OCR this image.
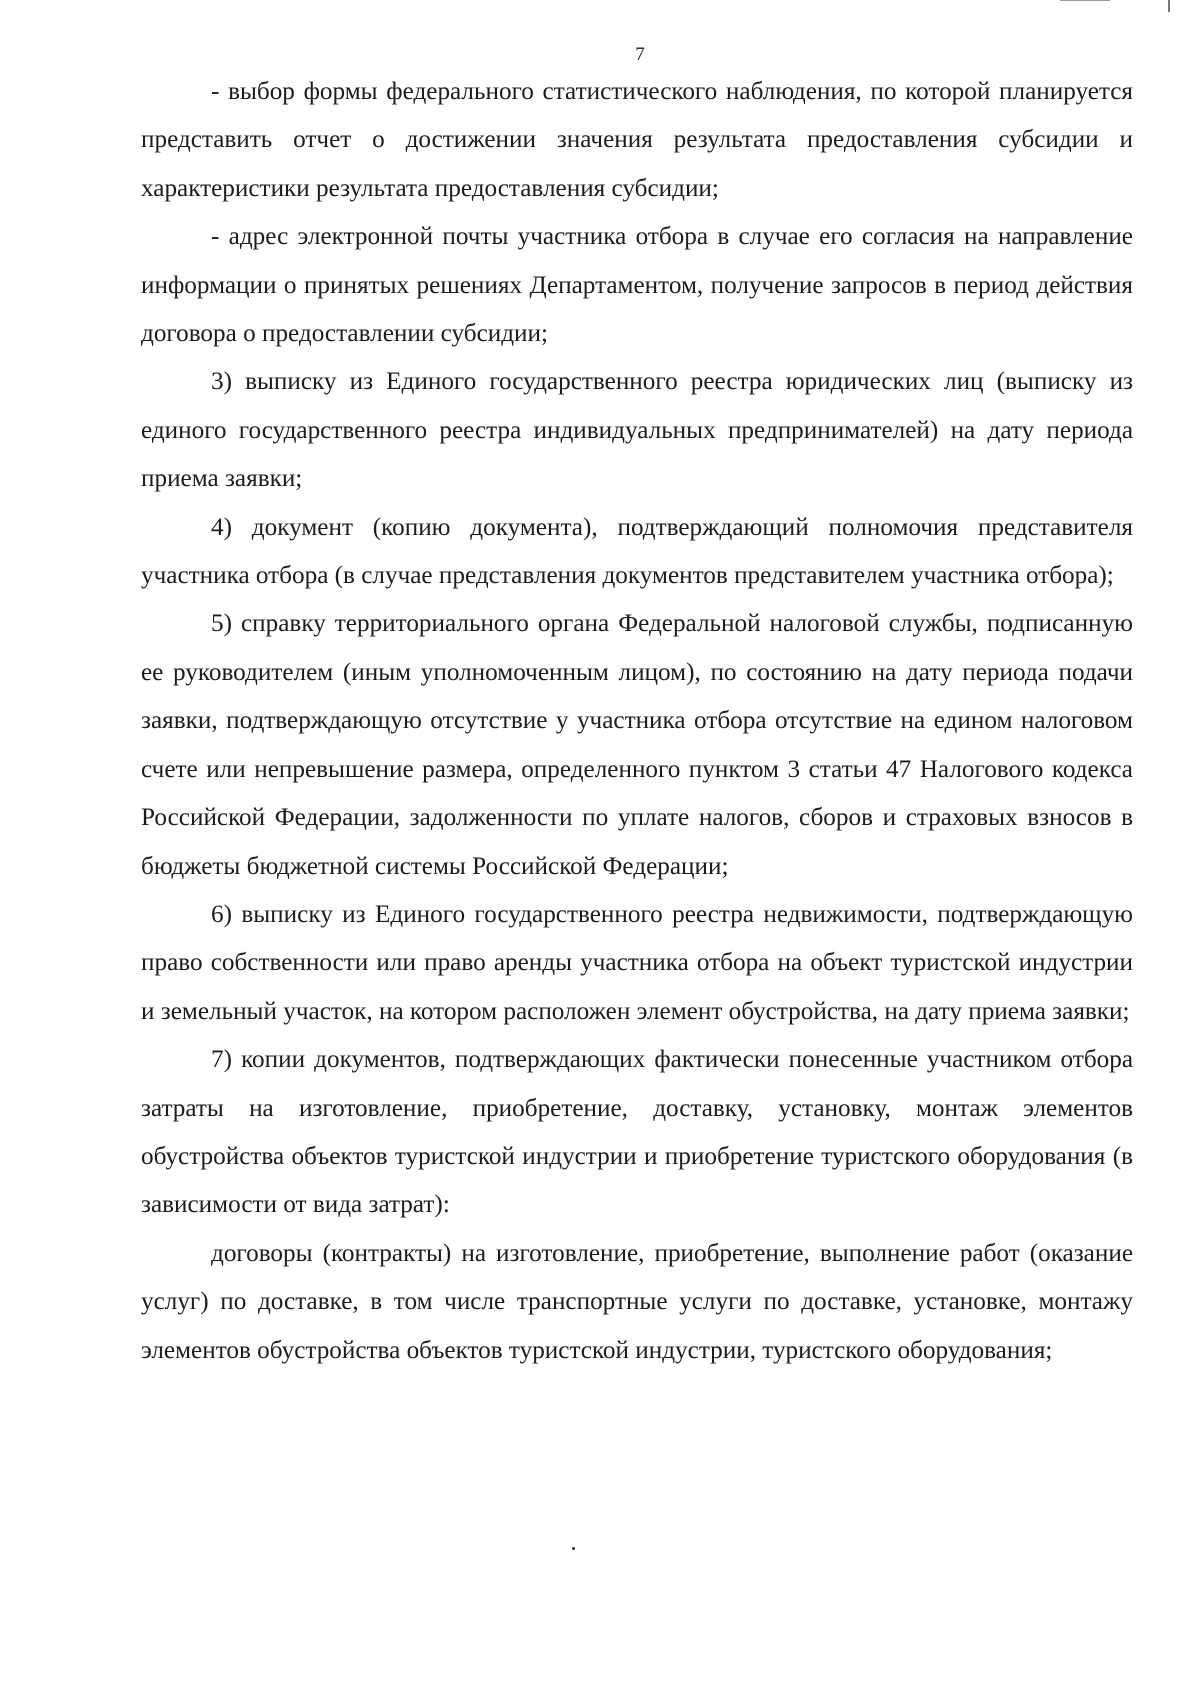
7

- выбор формы федерального статистического наблюдения, по которой планируется представить отчет о достижении значения результата предоставления субсидии и характеристики результата предоставления субсидии;

- адрес электронной почты участника отбора в случае его согласия на направление информации о принятых решениях Департаментом, получение запросов в период действия договора о предоставлении субсидии;

3) выписку из Единого государственного реестра юридических лиц (выписку из единого государственного реестра индивидуальных предпринимателей) на дату периода приема заявки;

4) документ (копию документа), подтверждающий полномочия представителя участника отбора (в случае представления документов представителем участника отбора);

5) справку территориального органа Федеральной налоговой службы, подписанную ее руководителем (иным уполномоченным лицом), по состоянию на дату периода подачи заявки, подтверждающую отсутствие у участника отбора отсутствие на едином налоговом счете или непревышение размера, определенного пунктом 3 статьи 47 Налогового кодекса Российской Федерации, задолженности по уплате налогов, сборов и страховых взносов в бюджеты бюджетной системы Российской Федерации;

6) выписку из Единого государственного реестра недвижимости, подтверждающую право собственности или право аренды участника отбора на объект туристской индустрии и земельный участок, на котором расположен элемент обустройства, на дату приема заявки;

7) копии документов, подтверждающих фактически понесенные участником отбора затраты на изготовление, приобретение, доставку, установку, монтаж элементов обустройства объектов туристской индустрии и приобретение туристского оборудования (в зависимости от вида затрат):

договоры (контракты) на изготовление, приобретение, выполнение работ (оказание услуг) по доставке, в том числе транспортные услуги по доставке, установке, монтажу элементов обустройства объектов туристской индустрии, туристского оборудования;
